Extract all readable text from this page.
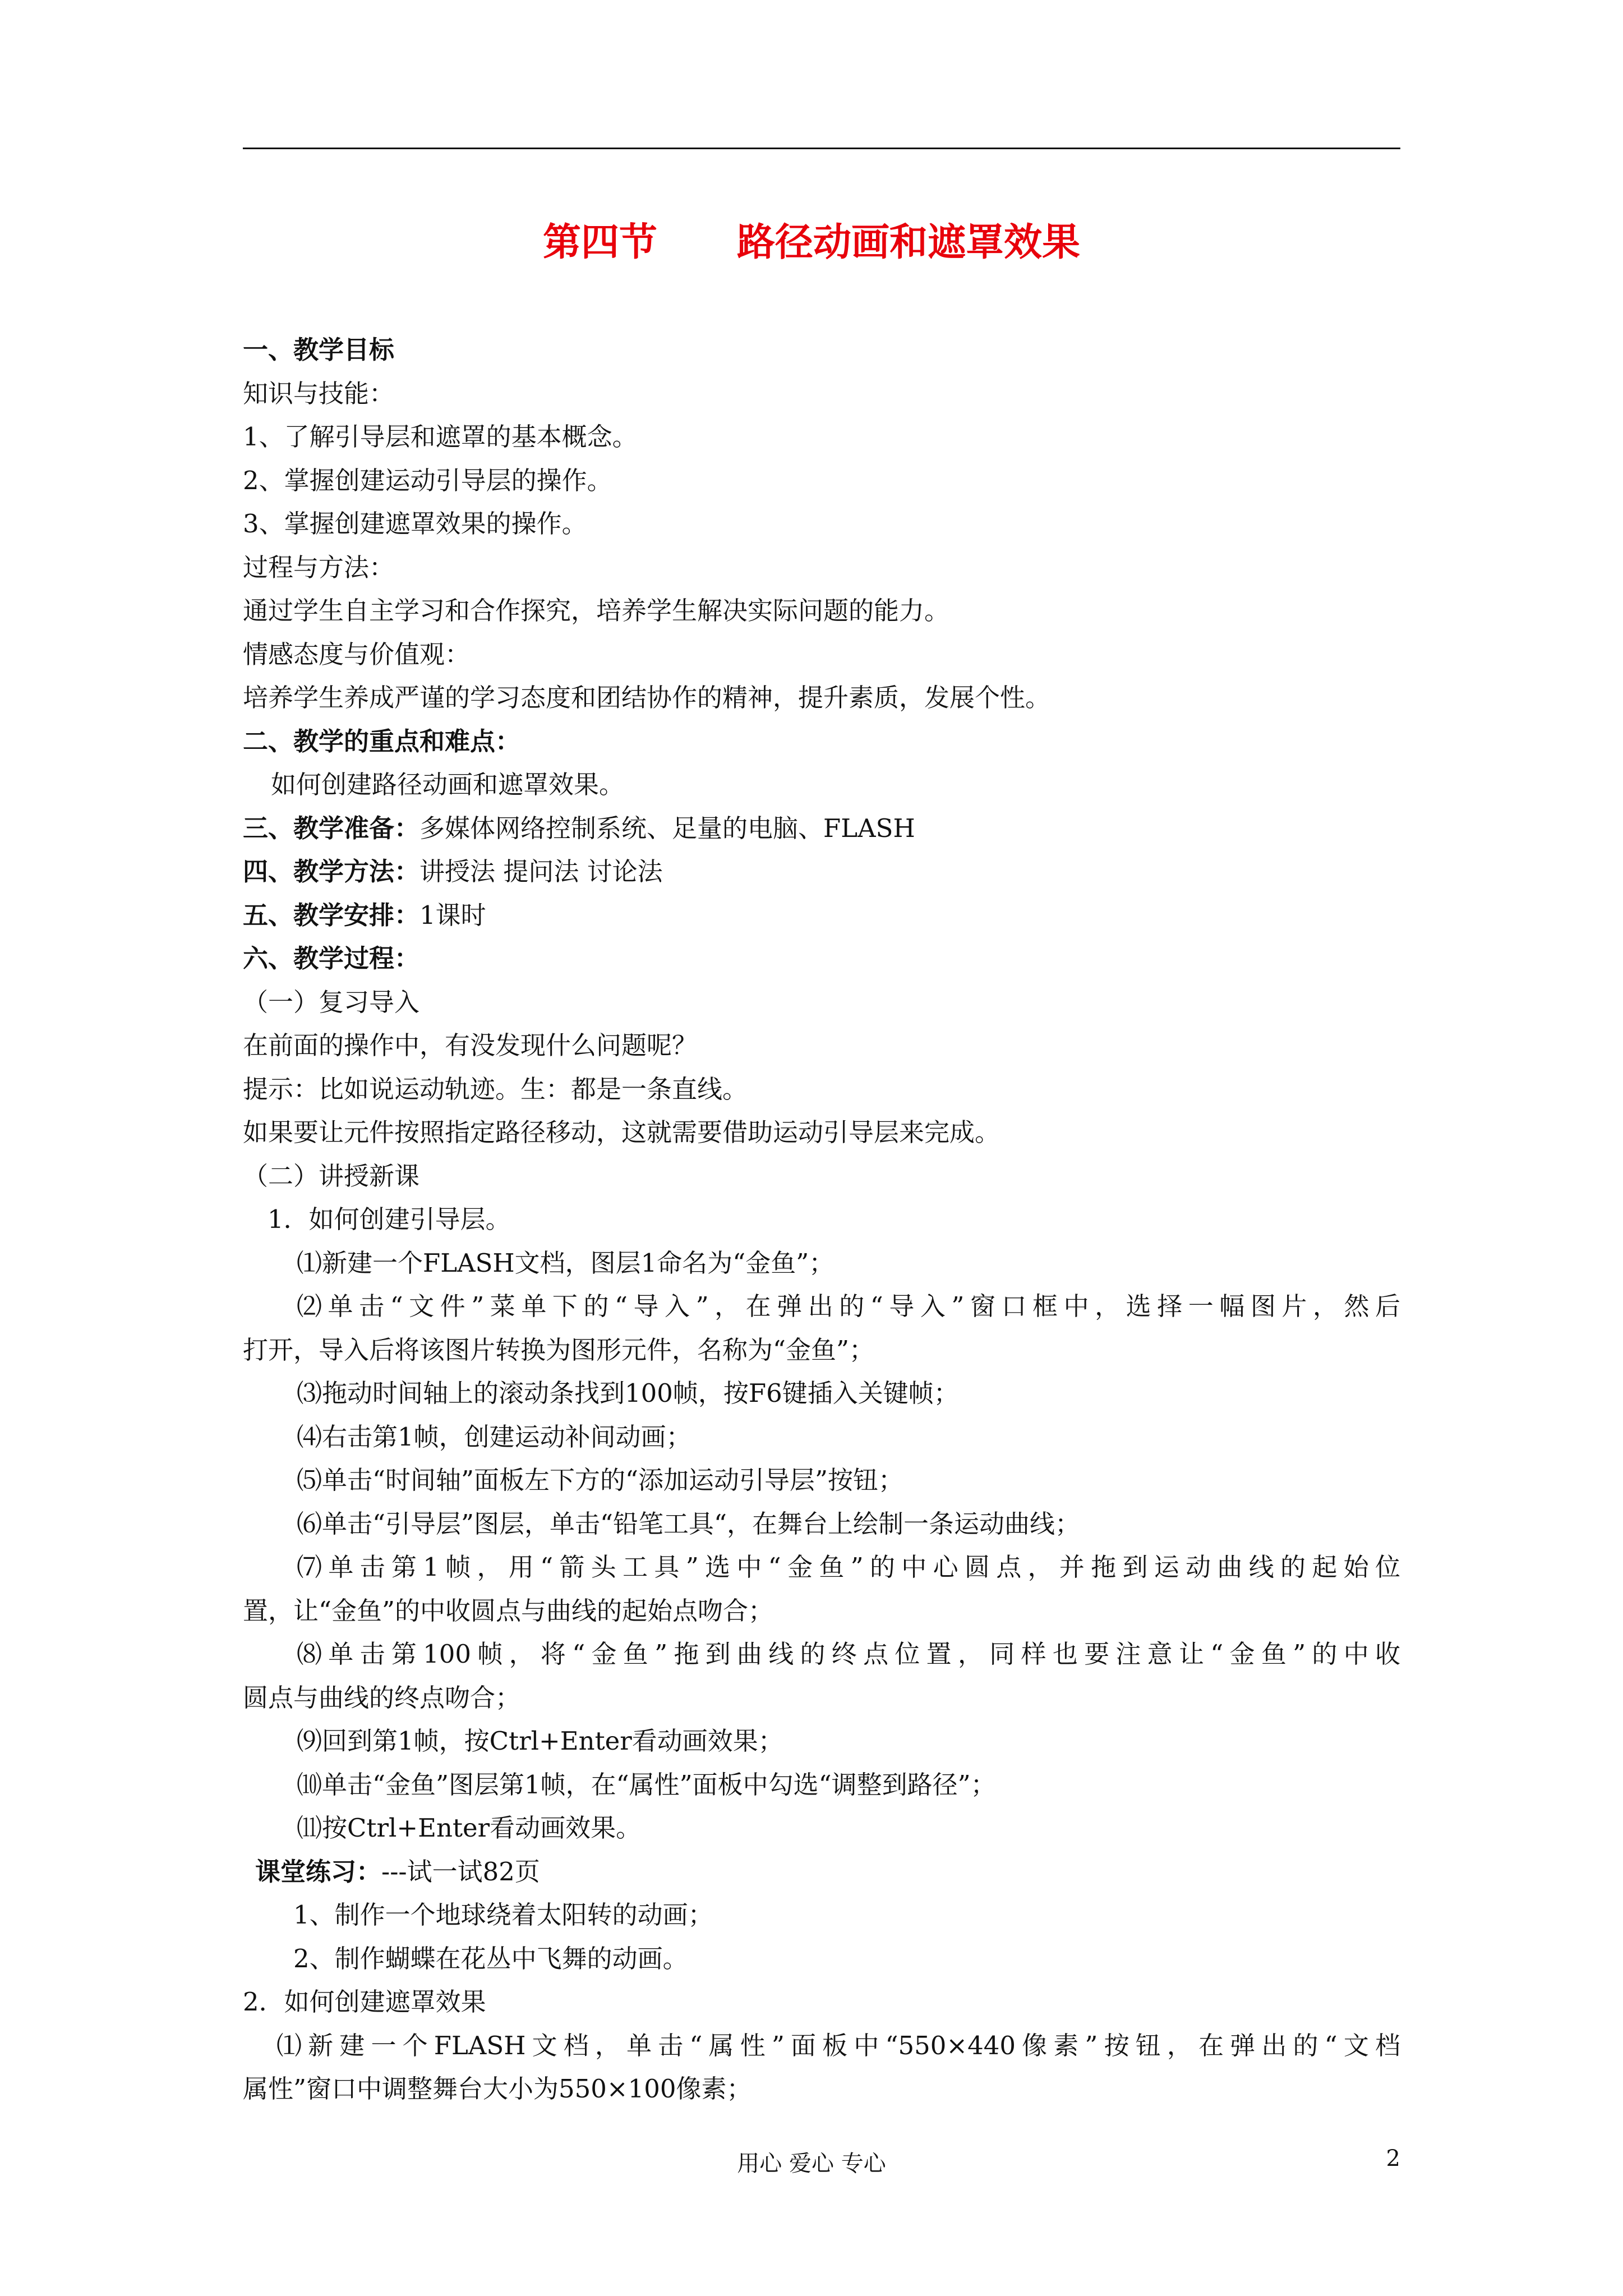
第四节      路径动画和遮罩效果
一、教学目标
知识与技能：
1、了解引导层和遮罩的基本概念。
2、掌握创建运动引导层的操作。
3、掌握创建遮罩效果的操作。
过程与方法：
通过学生自主学习和合作探究，培养学生解决实际问题的能力。
情感态度与价值观：
培养学生养成严谨的学习态度和团结协作的精神，提升素质，发展个性。
二、教学的重点和难点：
如何创建路径动画和遮罩效果。
三、教学准备：多媒体网络控制系统、足量的电脑、FLASH
四、教学方法：讲授法 提问法 讨论法
五、教学安排：1课时
六、教学过程：
（一）复习导入
在前面的操作中，有没发现什么问题呢？
提示：比如说运动轨迹。生：都是一条直线。
如果要让元件按照指定路径移动，这就需要借助运动引导层来完成。
（二）讲授新课
1．如何创建引导层。
⑴新建一个FLASH文档，图层1命名为“金鱼”；
⑵单击“文件”菜单下的“导入”，在弹出的“导入”窗口框中，选择一幅图片，然后
打开，导入后将该图片转换为图形元件，名称为“金鱼”；
⑶拖动时间轴上的滚动条找到100帧，按F6键插入关键帧；
⑷右击第1帧，创建运动补间动画；
⑸单击“时间轴”面板左下方的“添加运动引导层”按钮；
⑹单击“引导层”图层，单击“铅笔工具“，在舞台上绘制一条运动曲线；
⑺单击第1帧，用“箭头工具”选中“金鱼”的中心圆点，并拖到运动曲线的起始位
置，让“金鱼”的中收圆点与曲线的起始点吻合；
⑻单击第100帧，将“金鱼”拖到曲线的终点位置，同样也要注意让“金鱼”的中收
圆点与曲线的终点吻合；
⑼回到第1帧，按Ctrl+Enter看动画效果；
⑽单击“金鱼”图层第1帧，在“属性”面板中勾选“调整到路径”；
⑾按Ctrl+Enter看动画效果。
课堂练习：---试一试82页
1、制作一个地球绕着太阳转的动画；
2、制作蝴蝶在花丛中飞舞的动画。
2．如何创建遮罩效果
⑴新建一个FLASH文档，单击“属性”面板中“550×440像素”按钮，在弹出的“文档
属性”窗口中调整舞台大小为550×100像素；
用心 爱心 专心	2
